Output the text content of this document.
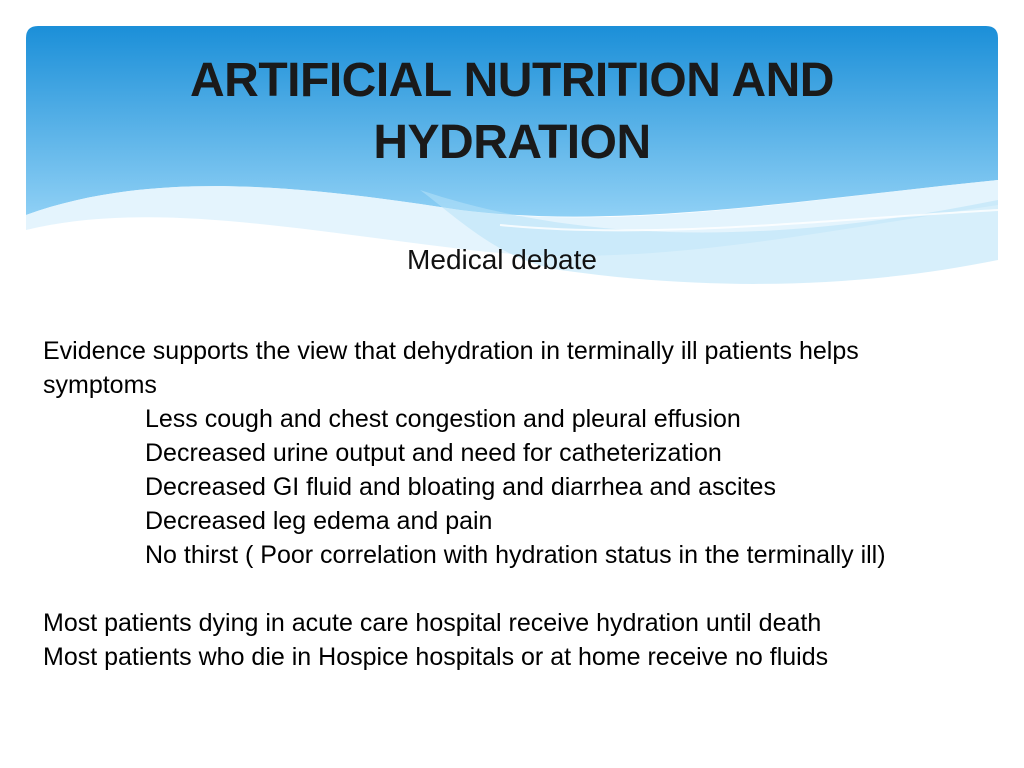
ARTIFICIAL NUTRITION AND
HYDRATION
Medical debate

Evidence supports the view that dehydration in terminally ill patients helps

symptoms

Less cough and chest congestion and pleural effusion

Decreased urine output and need for catheterization

Decreased GI fluid and bloating and diarrhea and ascites

Decreased leg edema and pain

No thirst ( Poor correlation with hydration status in the terminally ill)

Most patients dying in acute care hospital receive hydration until death

Most patients who die in Hospice hospitals or at home receive no fluids
